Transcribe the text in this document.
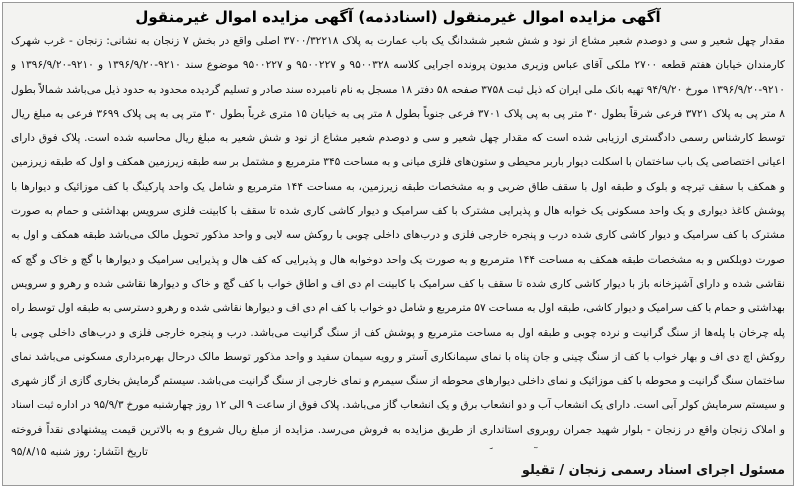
آگهی مزایده اموال غیرمنقول (اسناد‌ذمه) آگهی مزایده اموال غیرمنقول

مقدار چهل شعیر و سی و دوصدم شعیر مشاع از نود و شش شعیر ششدانگ یک باب عمارت به پلاک ۳۷۰۰/۳۲۲۱۸ اصلی واقع در بخش ۷ زنجان به نشانی: زنجان - غرب شهرک کارمندان خیابان هفتم قطعه ۲۷۰۰ ملکی آقای عباس وزیری مدیون پرونده اجرایی کلاسه ۹۵۰۰۳۲۸ و ۹۵۰۰۲۲۷ و ۹۵۰۰۲۲۷ موضوع سند ۹۲۱۰-۱۳۹۶/۹/۲۰ و ۹۲۱۰-۱۳۹۶/۹/۲۰ و ۹۲۱۰-۱۳۹۶/۹/۲۰ مورخ ۹۴/۹/۲۰ تهیه بانک ملی ایران که ذیل ثبت ۳۷۵۸ صفحه ۵۸ دفتر ۱۸ مسجل به نام نامبرده سند صادر و تسلیم گردیده محدود به حدود ذیل می‌باشد شمالاً بطول ۸ متر پی به پلاک ۳۷۲۱ فرعی شرقاً بطول ۳۰ متر پی به پی پلاک ۳۷۰۱ فرعی جنوباً بطول ۸ متر پی به خیابان ۱۵ متری غرباً بطول ۳۰ متر پی به پی پلاک ۳۶۹۹ فرعی به مبلغ ریال توسط کارشناس رسمی دادگستری ارزیابی شده است که مقدار چهل شعیر و سی و دوصدم شعیر مشاع از نود و شش شعیر به مبلغ ریال محاسبه شده است. پلاک فوق دارای اعیانی اختصاصی یک باب ساختمان با اسکلت دیوار باربر محیطی و ستون‌های فلزی میانی و به مساحت ۳۴۵ مترمربع و مشتمل بر سه طبقه زیرزمین همکف و اول که طبقه زیرزمین و همکف با سقف تیرچه و بلوک و طبقه اول با سقف طاق ضربی و به مشخصات طبقه زیرزمین، به مساحت ۱۴۴ مترمربع و شامل یک واحد پارکینگ با کف موزائیک و دیوارها با پوشش کاغذ دیواری و یک واحد مسکونی یک خوابه هال و پذیرایی مشترک با کف سرامیک و دیوار کاشی کاری شده تا سقف با کابینت فلزی سرویس بهداشتی و حمام به صورت مشترک با کف سرامیک و دیوار کاشی کاری شده درب و پنجره خارجی فلزی و درب‌های داخلی چوبی با روکش سه لایی و واحد مذکور تحویل مالک می‌باشد طبقه همکف و اول به صورت دوبلکس و به مشخصات طبقه همکف به مساحت ۱۴۴ مترمربع و به صورت یک واحد دوخوابه هال و پذیرایی که کف هال و پذیرایی سرامیک و دیوارها با گچ و خاک و گچ که نقاشی شده و دارای آشپزخانه باز با دیوار کاشی کاری شده تا سقف با کف سرامیک با کابینت ام دی اف و اطاق خواب با کف گچ و خاک و دیوارها نقاشی شده و رهرو و سرویس بهداشتی و حمام با کف سرامیک و دیوار کاشی، طبقه اول به مساحت ۵۷ مترمربع و شامل دو خواب با کف ام دی اف و دیوارها نقاشی شده و رهرو دسترسی به طبقه اول توسط راه پله چرخان با پله‌ها از سنگ گرانیت و نرده چوبی و طبقه اول به مساحت مترمربع و پوشش کف از سنگ گرانیت می‌باشد. درب و پنجره خارجی فلزی و درب‌های داخلی چوبی با روکش اچ دی اف و بهار خواب با کف از سنگ چینی و جان پناه با نمای سیمانکاری آستر و رویه سیمان سفید و واحد مذکور توسط مالک درحال بهره‌برداری مسکونی می‌باشد نمای ساختمان سنگ گرانیت و محوطه با کف موزائیک و نمای داخلی دیوارهای محوطه از سنگ سیمرم و نمای خارجی از سنگ گرانیت می‌باشد. سیستم گرمایش بخاری گازی از گاز شهری و سیستم سرمایش کولر آبی است. دارای یک انشعاب آب و دو انشعاب برق و یک انشعاب گاز می‌باشد. پلاک فوق از ساعت ۹ الی ۱۲ روز چهارشنبه مورخ ۹۵/۹/۳ در اداره ثبت اسناد و املاک زنجان واقع در زنجان - بلوار شهید جمران روبروی استانداری از طریق مزایده به فروش می‌رسد. مزایده از مبلغ ریال شروع و به بالاترین قیمت پیشنهادی نقداً فروخته

تاریخ انتشار: روز شنبه ۹۵/۸/۱۵
مسئول اجرای اسناد رسمی زنجان / تقیلو
